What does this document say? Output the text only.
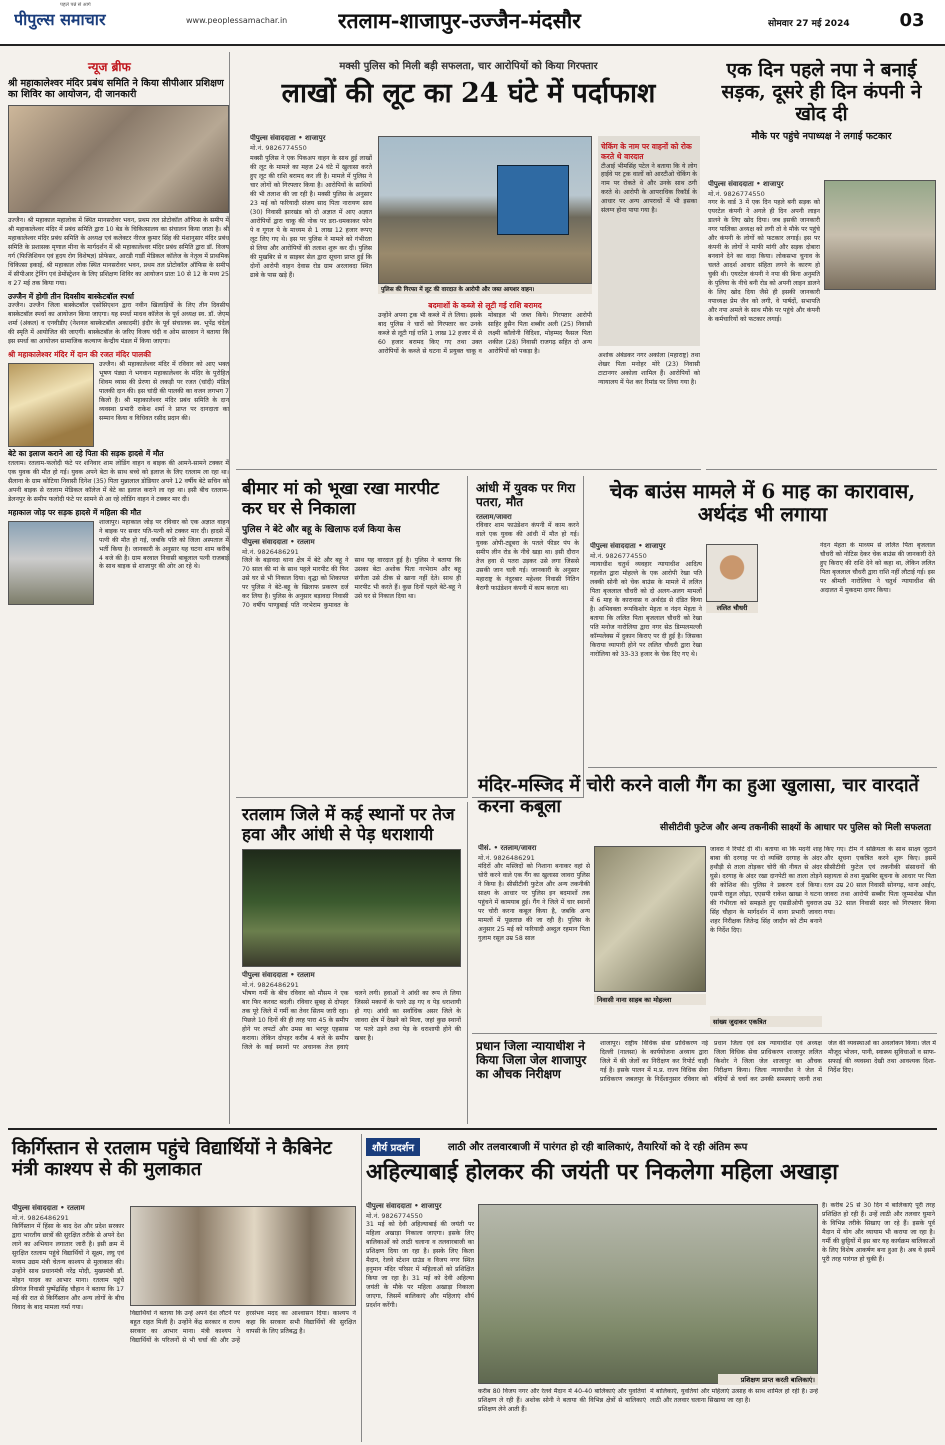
पीपुल्स समाचार
पहले पन्ने से आगे
www.peoplessamachar.in रतलाम-शाजापुर-उज्जैन-मंदसौर	सोमवार 27 मई 2024	03
न्यूज ब्रीफ
श्री महाकालेश्वर मंदिर प्रबंध समिति ने किया सीपीआर प्रशिक्षण का शिविर का आयोजन, दी जानकारी
उज्जैन। श्री महाकाल महालोक में स्थित मानसरोवर भवन, प्रथम तल प्रोटोकॉल ऑफिस के समीप में श्री महाकालेश्वर मंदिर में प्रबंध समिति द्वारा 10 बेड के चिकित्सालय का संचालन किया जाता है। श्री महाकालेश्वर मंदिर प्रबंध समिति के अध्यक्ष एवं कलेक्टर नीरज कुमार सिंह की मंशानुसार मंदिर प्रबंध समिति के प्रशासक मृणाल मीना के मार्गदर्शन में श्री महाकालेश्वर मंदिर प्रबंध समिति द्वारा डॉ. विजय गर्ग (फिजिशियन एवं हृदय रोग विशेषज्ञ) प्रोफेसर, आरडी गार्डी मेडिकल कॉलेज के नेतृत्व में प्राथमिक चिकित्सा इकाई, श्री महाकाल लोक स्थित मानसरोवर भवन, प्रथम तल प्रोटोकॉल ऑफिस के समीप में सीपीआर ट्रेनिंग एवं डेमोंस्ट्रेशन के लिए प्रशिक्षण शिविर का आयोजन प्रातः 10 से 12 के मध्य 25 व 27 मई तक किया गया।
उज्जैन में होगी तीन दिवसीय बास्केटबॉल स्पर्धा
उज्जैन। उज्जैन जिला बास्केटबॉल एसोसिएशन द्वारा नवीन खिलाड़ियों के लिए तीन दिवसीय बास्केटबॉल स्पर्धा का आयोजन किया जाएगा। यह स्पर्धा माधव कॉलेज के पूर्व अध्यक्ष स्व. डॉ. जेएम शर्मा (अंकल) व एनवीडीए (नेशनल बास्केटबॉल अकादमी) इंदौर के पूर्व संचालक स्व. भूपेंद्र चंदेल की स्मृति में आयोजित की जाएगी। बास्केटबॉल के जरिए विजय चंदी व ओम सारवान ने बताया कि इस स्पर्धा का आयोजन सामाजिक कल्याण केन्द्रीय मंडल में किया जाएगा।
श्री महाकालेश्वर मंदिर में दान की रजत मंदिर पालकी
उज्जैन। श्री महाकालेश्वर मंदिर में रविवार को आए भक्त भूषण पंड्या ने भगवान महाकालेश्वर के मंदिर के पुरोहित शिवम व्यास की प्रेरणा से लकड़ी पर रजत (चांदी) मंडित पालकी दान की। इस चांदी की पालकी का वजन लगभग 7 किलो है। श्री महाकालेश्वर मंदिर प्रबंध समिति के दान व्यवस्था प्रभारी राकेश शर्मा ने प्राप्त पर दानदाता का सम्मान किया व विधिवत रसीद प्रदान की।
बेटे का इलाज कराने आ रहे पिता की सड़क हादसे में मौत
रतलाम। रतलाम-फलोदी फंटे पर शनिवार शाम लोडिंग वाहन व बाइक की आमने-सामने टक्कर में एक युवक की मौत हो गई। युवक अपने बेटा के साथ बच्चे को इलाज के लिए रतलाम ला रहा था। सैलाना के ग्राम कोटिया निवासी दिनेश (35) पिता मुन्नालाल डोडियार अपने 12 वर्षीय बेटे सचिन को अपनी बाइक से रतलाम मेडिकल कॉलेज में बेटे का इलाज कराने ला रहा था। इसी बीच रतलाम-डेलनपुर के समीप फलोदी फंटे पर सामने से आ रहे लोडिंग वाहन ने टक्कर मार दी।
महाकाल जोड़ पर सड़क हादसे में महिला की मौत
शाजापुर। महाकाल जोड़ पर रविवार को एक अज्ञात वाहन ने बाइक पर सवार पति-पत्नी को टक्कर मार दी। हादसे में पत्नी की मौत हो गई, जबकि पति को जिला अस्पताल में भर्ती किया है। जानकारी के अनुसार यह घटना शाम करीब 4 बजे की है। ग्राम बरवाल निवासी बाबूलाल पत्नी राजबाई के साथ बाइक से शाजापुर की ओर आ रहे थे।
मक्सी पुलिस को मिली बड़ी सफलता, चार आरोपियों को किया गिरफ्तार
लाखों की लूट का 24 घंटे में पर्दाफाश
पीपुल्स संवाददाता • शाजापुर
मो.नं. 9826774550
मक्सी पुलिस ने एक पिकअप वाहन के साथ हुई लाखों की लूट के मामले का महज 24 घंटे में खुलासा करते हुए लूट की राशि बरामद कर ली है। मामले में पुलिस ने चार लोगों को गिरफ्तार किया है। आरोपियों के साथियों की भी तलाश की जा रही है। मक्सी पुलिस के अनुसार 23 मई को फरियादी संजय साद पिता नारायण साव (30) निवासी झारखंड को दो अज्ञात में आए अज्ञात आरोपियों द्वारा चाकू की नोक पर डरा-धमकाकर फोन पे व गूगल पे के माध्यम से 1 लाख 12 हजार रूपए लूट लिए गए थे। इस पर पुलिस ने मामले को गंभीरता से लिया और आरोपियों की तलाश शुरू कर दी। पुलिस की मुखबिर से व साइबर सेल द्वारा सूचना प्राप्त हुई कि दोनों आरोपी वाहन देवास रोड ग्राम अरलावदा स्थित ढाबे के पास खड़े हैं।
पुलिस की गिरफ्त में लूट की वारदात के आरोपी और जब्त आयशर वाहन।
बदमाशों के कब्जे से लूटी गई राशि बरामद
उन्होंने अपना ट्रक भी कब्जे में ले लिया। इसके बाद पुलिस ने चारों को गिरफ्तार कर उनके कब्जे से लूटी गई राशि 1 लाख 12 हजार में से 60 हजार बरामद किए गए तथा उक्त आरोपियों के कब्जे से घटना में प्रयुक्त चाकू व मोबाइल भी जब्त किये। गिरफ्तार आरोपी साहिर हुसैन पिता शब्बीर अली (25) निवासी लक्ष्मी कॉलोनी विदिशा, मोहम्मद फैसल पिता शकील (28) निवासी राजगढ़ सहित दो अन्य आरोपियों को पकड़ा है।
चेकिंग के नाम पर वाहनों को रोक करते थे वारदात
टीआई भीमसिंह पटेल ने बताया कि ये लोग हाईवे पर ट्रक वालों को आरटीओ चेकिंग के नाम पर रोकते थे और उनके साथ ठगी करते थे। आरोपी के आपराधिक रिकॉर्ड के आधार पर अन्य आपराधों में भी इसका संलग्न होना पाया गया है।
अशोक अंबेडकर नगर अकोला (महाराष्ट्र) तथा शेखर पिता मनोहर मोरे (23) निवासी टाटानगर अकोला शामिल हैं। आरोपियों को न्यायालय में पेश कर रिमांड पर लिया गया है।
एक दिन पहले नपा ने बनाई सड़क, दूसरे ही दिन कंपनी ने खोद दी
मौके पर पहुंचे नपाध्यक्ष ने लगाई फटकार
पीपुल्स संवाददाता • शाजापुर
मो.नं. 9826774550
नगर के वार्ड 3 में एक दिन पहले बनी सड़क को एयरटेल कंपनी ने अगले ही दिन अपनी लाइन डालने के लिए खोद दिया। जब इसकी जानकारी नगर पालिका अध्यक्ष को लगी तो वे मौके पर पहुंचे और कंपनी के लोगों को फटकार लगाई। इस पर कंपनी के लोगों ने माफी मांगी और सड़क दोबारा बनवाने देने का वादा किया। लोकसभा चुनाव के चलते आदर्श आचार संहिता लगने के कारण हो चुकी थी। एयरटेल कंपनी ने नपा की बिना अनुमति के पुलिया के नीचे बनी रोड को अपनी लाइन डालने के लिए खोद दिया जैसे ही इसकी जानकारी नपाध्यक्ष प्रेम जैन को लगी, वे पार्षदों, सभापति और नपा अमले के साथ मौके पर पहुंचे और कंपनी के कर्मचारियों को फटकार लगाई।
बीमार मां को भूखा रखा मारपीट कर घर से निकाला
पुलिस ने बेटे और बहू के खिलाफ दर्ज किया केस
पीपुल्स संवाददाता • रतलाम
मो.नं. 9826486291
जिले के बड़ावदा थाना क्षेत्र में बेटे और बहू ने 70 साल की मां के साथ पहले मारपीट की फिर उसे घर से भी निकाल दिया। वृद्धा को शिकायत पर पुलिस ने बेटे-बहू के खिलाफ प्रकरण दर्ज कर लिया है। पुलिस के अनुसार बड़ावदा निवासी 70 वर्षीय पाण्डुबाई पति नरभेराम कुमावत के साथ यह वारदात हुई है। पुलिस ने बताया कि उसका बेटा अशोक पिता नरभेराम और बहू संगीता उसे ठीक से खाना नहीं देते। साथ ही मारपीट भी करते हैं। कुछ दिनों पहले बेटे-बहू ने उसे घर से निकाल दिया था।
आंधी में युवक पर गिरा पतरा, मौत
रतलाम/जावरा
रविवार शाम फाउंडेशन कंपनी में काम करने वाले एक युवक की आंधी में मौत हो गई। युवक ओपी-ट्यूबरा के पतले फीडर पंप के समीप लीन रोड के नीचे खड़ा था। इसी दौरान तेज हवा से पतरा उड़कर उसे लगा जिससे उसकी जान चली गई। जानकारी के अनुसार महाराष्ट्र के नंदुरबार महेश्वर निवासी नितिन बैरागी फाउंडेशन कंपनी में काम करता था।
चेक बाउंस मामले में 6 माह का कारावास, अर्थदंड भी लगाया
पीपुल्स संवाददाता • शाजापुर
मो.नं. 9826774550
न्यायाधीश चतुर्थ व्यवहार न्यायाधीश आदित्य गहलोत द्वारा मोहल्ले के एक आरोपी रेखा पति लक्की सोनी को चेक बाउंस के मामले में ललित पिता बृजलाल चौधरी को दो अलग-अलग मामलों में 6 माह के कारावास व अर्थदंड से दंडित किया है। अभिवक्ता रूपकिशोर मेहता व नंदन मेहता ने बताया कि ललित पिता बृजलाल चौधरी को रेखा पति मनोज नारोलिया द्वारा नगर सेठ डिम्पलमल्जी कॉम्पलेक्स में दुकान किराए पर दी हुई है। जिसका किराया व्यापारी होने पर ललित चौधरी द्वारा रेखा नारोलिया को 33-33 हजार के चेक दिए गए थे।
ललित चौधरी
नंदन मेहता के माध्यम से ललित पिता बृजलाल चौधरी को नोटिस देकर चेक बाउंस की जानकारी देते हुए किराए की राशि देने को कहा था, लेकिन ललित पिता बृजलाल चौधरी द्वारा राशि नहीं लौटाई गई। इस पर श्रीमती नारोलिया ने चतुर्थ न्यायाधीश की अदालत में मुकदमा दायर किया।
रतलाम जिले में कई स्थानों पर तेज हवा और आंधी से पेड़ धराशायी
पीपुल्स संवाददाता • रतलाम
मो.नं. 9826486291
भीषण गर्मी के बीच रविवार को मौसम ने एक बार फिर करवट बदली। रविवार सुबह से दोपहर तक पूरे जिले में गर्मी का तेवर सितम जारी रहा। पिछले 10 दिनों की ही तरह पारा 45 के समीप होने पर लपटों और उमस का भरपूर एहसास कराया। लेकिन दोपहर करीब 4 बजे के समीप जिले के कई स्थानों पर अचानक तेज हवाएं चलने लगी। हवाओं ने आंधी का रूप ले लिया जिससे मकानों के पतरे उड़ गए व पेड़ धराशायी हो गए। आंधी का सर्वाधिक असर जिले के जावरा क्षेत्र में देखने को मिला, जहां कुछ स्थानों पर पतरे उड़ने तथा पेड़ के धराशायी होने की खबर है।
मंदिर-मस्जिद में चोरी करने वाली गैंग का हुआ खुलासा, चार वारदातें करना कबूला
सीसीटीवी फुटेज और अन्य तकनीकी साक्ष्यों के आधार पर पुलिस को मिली सफलता
पीसं. • रतलाम/जावरा
मो.नं. 9826486291
मंदिरों और मस्जिदों को निशाना बनाकर वहां से चोरी करने वाले एक गैंग का खुलासा जावरा पुलिस ने किया है। सीसीटीवी फुटेज और अन्य तकनीकी साक्ष्य के आधार पर पुलिस इन बदमाशों तक पहुंचने में कामयाब हुई। गैंग ने जिले में चार स्थानों पर चोरी करना कबूल किया है, जबकि अन्य मामलों में पूछताछ की जा रही है। पुलिस के अनुसार 25 मई को फरियादी अब्दुल रहमान पिता गुलाम रसूल उम्र 58 साल
निवासी नाना साहब का मोहल्ला
जावरा ने रिपोर्ट दी थी। बताया था कि मदनी शाह बाबा की दरगाह पर दो व्यक्ति दरगाह के अंदर हथौड़ी से ताला तोड़कर चोरी की नीयत से अंदर घुसे। दरगाह के अंदर रखा दानपेटी का ताला तोड़ने की कोशिश की। पुलिस ने प्रकरण दर्ज किया। एसपी राहुल लोढ़ा, एएसपी राकेश खाखा ने घटना की गंभीरता को समझते हुए एसडीओपी युवराज सिंह चौहान के मार्गदर्शन में थाना प्रभारी जावरा शहर निरीक्षक जितेन्द्र सिंह जादौन को टीम बनाने के निर्देश दिए।
किए गए। टीम ने सक्रियता के साथ साक्ष्य जुटाने और सूचना एकत्रित करने शुरू किए। इसमें सीसीटीवी फुटेज एवं तकनीकी संसाधनों की सहायता से तथा मुखबिर सूचना के आधार पर पिता रतन उम्र 20 साल निवासी सोनगढ़, थाना आईए, जावरा तथा आरोपी सब्बीर पिता जुम्माशेख भील उम्र 32 साल निवासी सदर को गिरफ्तार किया गया।
सांख्य जुदाकर एकत्रित
प्रधान जिला न्यायाधीश ने किया जिला जेल शाजापुर का औचक निरीक्षण
शाजापुर। राष्ट्रीय विधिक सेवा प्राधिकरण नई दिल्ली (नालसा) के कार्ययोजना अध्याय द्वारा जिले में की जेलों का निरीक्षण कर रिपोर्ट चाही गई है। इसके पालन में म.प्र. राज्य विधिक सेवा प्राधिकरण जबलपुर के निर्देशानुसार रविवार को प्रधान जिला एवं सत्र न्यायाधीश एवं अध्यक्ष जिला विधिक सेवा प्राधिकरण शाजापुर ललित किशोर ने जिला जेल शाजापुर का औचक निरीक्षण किया। जिला न्यायाधीश ने जेल में बंदियों से चर्चा कर उनकी समस्याएं जानी तथा जेल की व्यवस्थाओं का अवलोकन किया। जेल में मौजूद भोजन, पानी, स्वास्थ्य सुविधाओं व साफ-सफाई की व्यवस्था देखी तथा आवश्यक दिशा-निर्देश दिए।
किर्गिस्तान से रतलाम पहुंचे विद्यार्थियों ने कैबिनेट मंत्री काश्यप से की मुलाकात
पीपुल्स संवाददाता • रतलाम
मो.नं. 9826486291
किर्गिस्तान में हिंसा के बाद देश और प्रदेश सरकार द्वारा भारतीय छात्रों की सुरक्षित तरीके से अपने देश लाने का अभियान लगातार जारी है। इसी क्रम में सुरक्षित रतलाम पहुंचे विद्यार्थियों ने सूक्ष्म, लघु एवं मध्यम उद्यम मंत्री चेतन्य काश्यप से मुलाकात की। उन्होंने साथ प्रधानमंत्री नरेंद्र मोदी, मुख्यमंत्री डॉ. मोहन यादव का आभार माना। रतलाम पहुंचे फ्रीगंज निवासी पुष्पेंद्रसिंह चौहान ने बताया कि 17 मई की रात से किर्गिस्तान और अन्य लोगों के बीच विवाद के बाद मामला गर्मा गया।
विद्यार्थियों ने बताया कि उन्हें अपने देश लौटने पर बहुत राहत मिली है। उन्होंने केंद्र सरकार व राज्य सरकार का आभार माना। मंत्री काश्यप ने विद्यार्थियों के परिजनों से भी चर्चा की और उन्हें हरसंभव मदद का आश्वासन दिया। काश्यप ने कहा कि सरकार सभी विद्यार्थियों की सुरक्षित वापसी के लिए प्रतिबद्ध है।
शौर्य प्रदर्शन	लाठी और तलवारबाजी में पारंगत हो रही बालिकाएं, तैयारियों को दे रही अंतिम रूप
अहिल्याबाई होलकर की जयंती पर निकलेगा महिला अखाड़ा
पीपुल्स संवाददाता • शाजापुर
मो.नं. 9826774550
31 मई को देवी अहिल्याबाई की जयंती पर महिला अखाड़ा निकाला जाएगा। इसके लिए बालिकाओं को लाठी चलाना व तलवारबाजी का प्रशिक्षण दिया जा रहा है। इसके लिए किला मैदान, रेलवे स्टेशन ग्राउंड व विजय नगर स्थित हनुमान मंदिर परिसर में महिलाओं को प्रशिक्षित किया जा रहा है। 31 मई को देवी अहिल्या जयंती के मौके पर महिला अखाड़ा निकाला जाएगा, जिसमें बालिकाएं और महिलाएं शौर्य प्रदर्शन करेंगी।
प्रशिक्षण प्राप्त करती बालिकाएं।
करीब 80 विजय नगर और रेलवे मैदान में 40-40 बालिकाएं और युवतियां प्रशिक्षण ले रही हैं। अशोक सोनी ने बताया की विभिन्न क्षेत्रों से बालिकाएं प्रशिक्षण लेने आती हैं।
में बालिकाएं, युवतियां और महिलाएं उत्साह के साथ शामिल हो रही हैं। उन्हें लाठी और तलवार चलाना सिखाया जा रहा है।
है। करीब 25 से 30 दिन में बालिकाएं पूरी तरह प्रशिक्षित हो रही हैं। उन्हें लाठी और तलवार घुमाने के विभिन्न तरीके सिखाए जा रहे हैं। इसके पूर्व मैदान में योग और व्यायाम भी कराया जा रहा है। गर्मी की छुट्टियों में इस बार यह कार्यक्रम बालिकाओं के लिए विशेष आकर्षण बना हुआ है। अब ये इसमें पूरी तरह पारंगत हो चुकी हैं।
